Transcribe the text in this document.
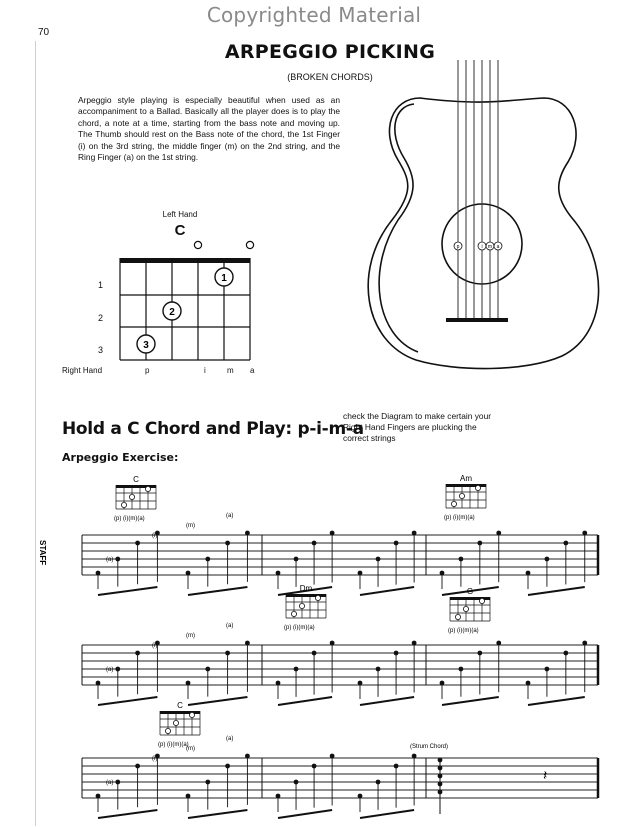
Copyrighted Material
70
ARPEGGIO PICKING
(BROKEN CHORDS)
Arpeggio style playing is especially beautiful when used as an accompaniment to a Ballad. Basically all the player does is to play the chord, a note at a time, starting from the bass note and moving up. The Thumb should rest on the Bass note of the chord, the 1st Finger (i) on the 3rd string, the middle finger (m) on the 2nd string, and the Ring Finger (a) on the 1st string.
p	i m a
Left Hand
C
1
2
3
1
2
3
Right Hand	p	i	m a
Hold a C Chord and Play: p-i-m-a
check the Diagram to make certain your Right Hand Fingers are plucking the correct strings
Arpeggio Exercise:
STAFF
(Strum Chord)
𝄽
C
(p) (i)(m)(a)
Am
(p) (i)(m)(a)
Dm
(p) (i)(m)(a)
G
(p) (i)(m)(a)
C
(p) (i)(m)(a)
(a)
(i)
(m)
(a)
(a)
(i)
(m)
(a)
(a)
(i)
(m)
(a)
